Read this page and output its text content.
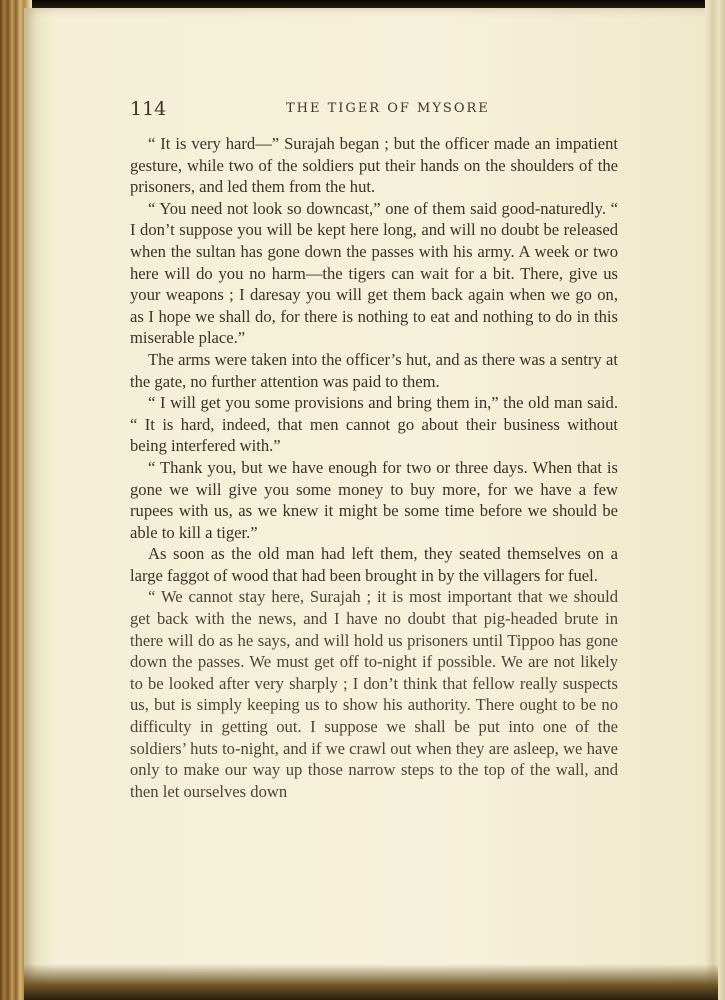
114	THE TIGER OF MYSORE

“ It is very hard—” Surajah began ; but the officer made an impatient gesture, while two of the soldiers put their hands on the shoulders of the prisoners, and led them from the hut.

“ You need not look so downcast,” one of them said good-naturedly. “ I don’t suppose you will be kept here long, and will no doubt be released when the sultan has gone down the passes with his army. A week or two here will do you no harm—the tigers can wait for a bit. There, give us your weapons ; I daresay you will get them back again when we go on, as I hope we shall do, for there is nothing to eat and nothing to do in this miserable place.”

The arms were taken into the officer’s hut, and as there was a sentry at the gate, no further attention was paid to them.

“ I will get you some provisions and bring them in,” the old man said. “ It is hard, indeed, that men cannot go about their business without being interfered with.”

“ Thank you, but we have enough for two or three days. When that is gone we will give you some money to buy more, for we have a few rupees with us, as we knew it might be some time before we should be able to kill a tiger.”

As soon as the old man had left them, they seated themselves on a large faggot of wood that had been brought in by the villagers for fuel.

“ We cannot stay here, Surajah ; it is most important that we should get back with the news, and I have no doubt that pig-headed brute in there will do as he says, and will hold us prisoners until Tippoo has gone down the passes. We must get off to-night if possible. We are not likely to be looked after very sharply ; I don’t think that fellow really suspects us, but is simply keeping us to show his authority. There ought to be no difficulty in getting out. I suppose we shall be put into one of the soldiers’ huts to-night, and if we crawl out when they are asleep, we have only to make our way up those narrow steps to the top of the wall, and then let ourselves down
